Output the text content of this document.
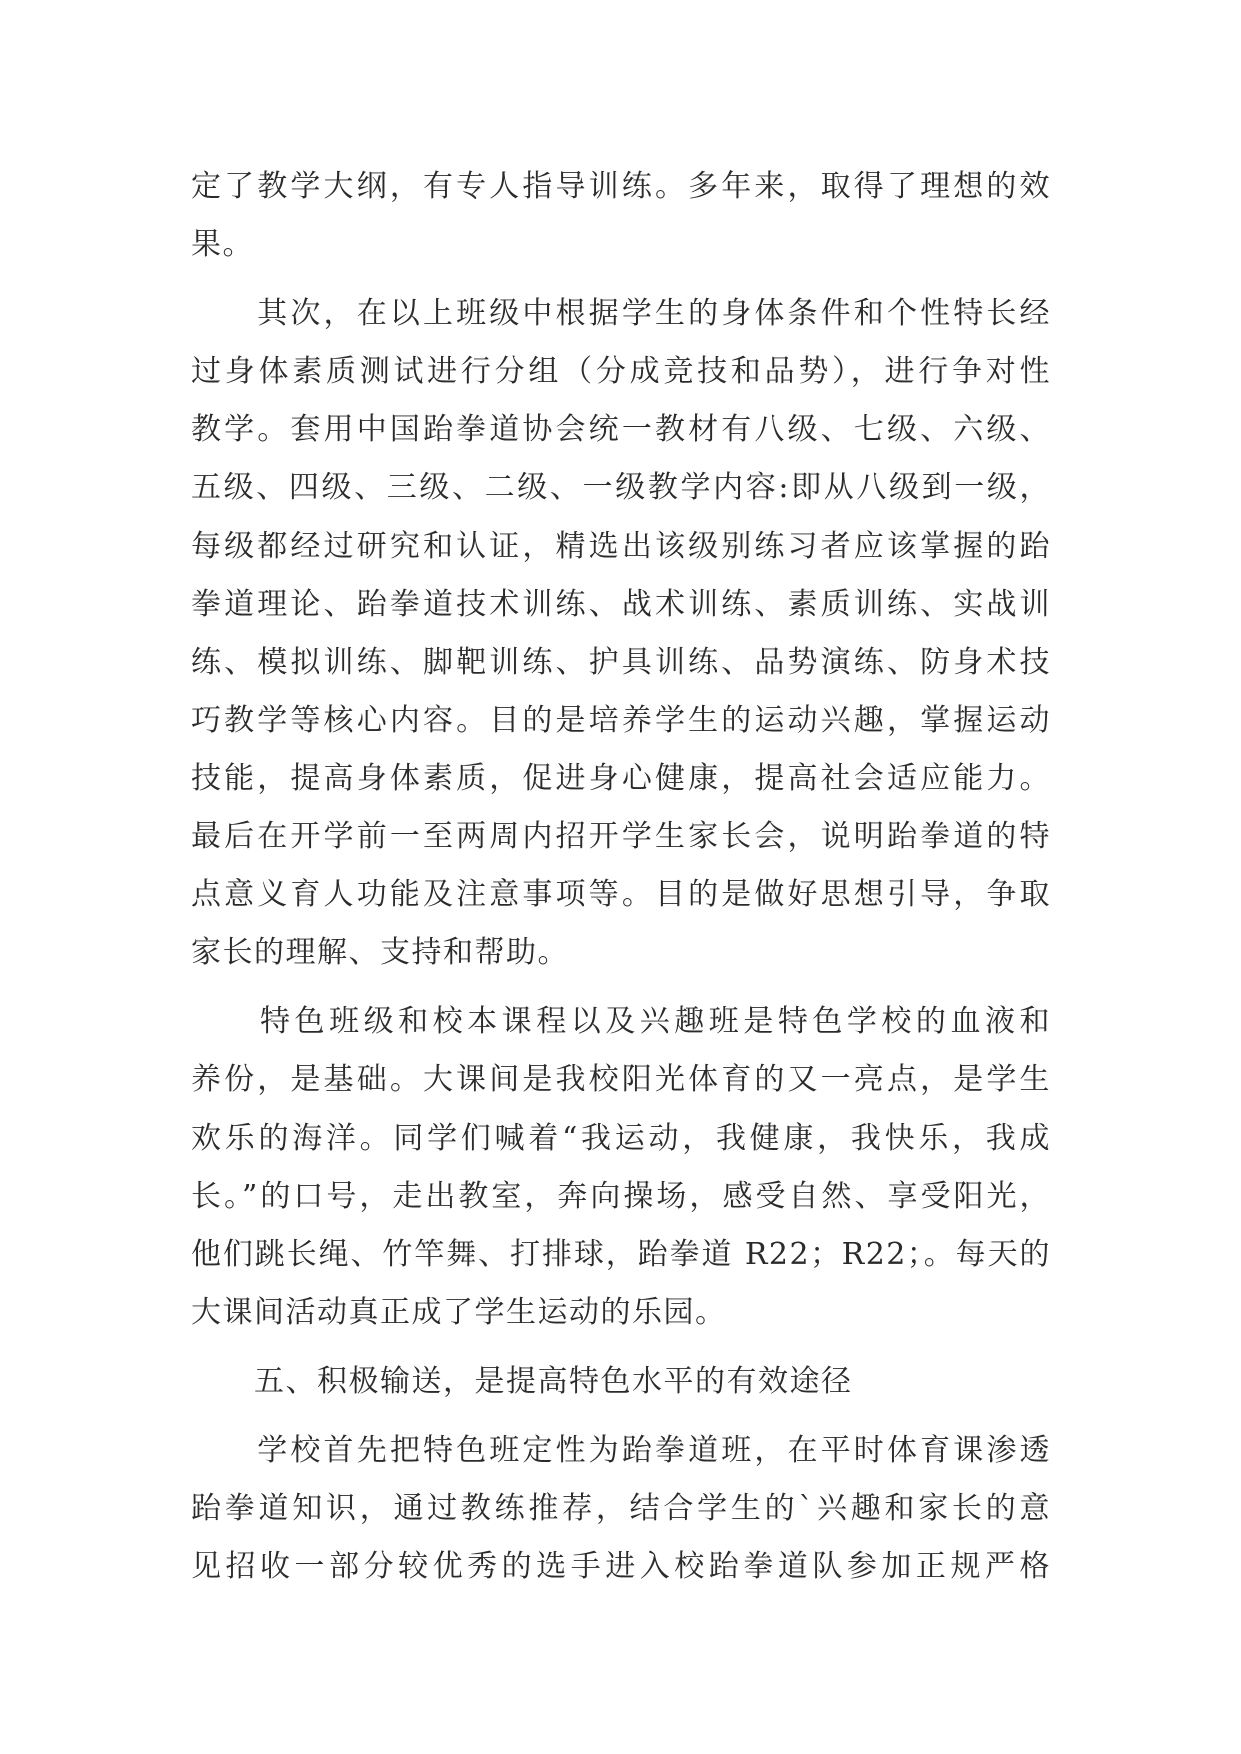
定了教学大纲，有专人指导训练。多年来，取得了理想的效
果。
　　其次，在以上班级中根据学生的身体条件和个性特长经
过身体素质测试进行分组（分成竞技和品势），进行争对性
教学。套用中国跆拳道协会统一教材有八级、七级、六级、
五级、四级、三级、二级、一级教学内容:即从八级到一级，
每级都经过研究和认证，精选出该级别练习者应该掌握的跆
拳道理论、跆拳道技术训练、战术训练、素质训练、实战训
练、模拟训练、脚靶训练、护具训练、品势演练、防身术技
巧教学等核心内容。目的是培养学生的运动兴趣，掌握运动
技能，提高身体素质，促进身心健康，提高社会适应能力。
最后在开学前一至两周内招开学生家长会，说明跆拳道的特
点意义育人功能及注意事项等。目的是做好思想引导，争取
家长的理解、支持和帮助。
　　特色班级和校本课程以及兴趣班是特色学校的血液和
养份，是基础。大课间是我校阳光体育的又一亮点，是学生
欢乐的海洋。同学们喊着“我运动，我健康，我快乐，我成
长。”的口号，走出教室，奔向操场，感受自然、享受阳光，
他们跳长绳、竹竿舞、打排球，跆拳道 R22；R22；。每天的
大课间活动真正成了学生运动的乐园。
　　五、积极输送，是提高特色水平的有效途径
　　学校首先把特色班定性为跆拳道班，在平时体育课渗透
跆拳道知识，通过教练推荐，结合学生的`兴趣和家长的意
见招收一部分较优秀的选手进入校跆拳道队参加正规严格
